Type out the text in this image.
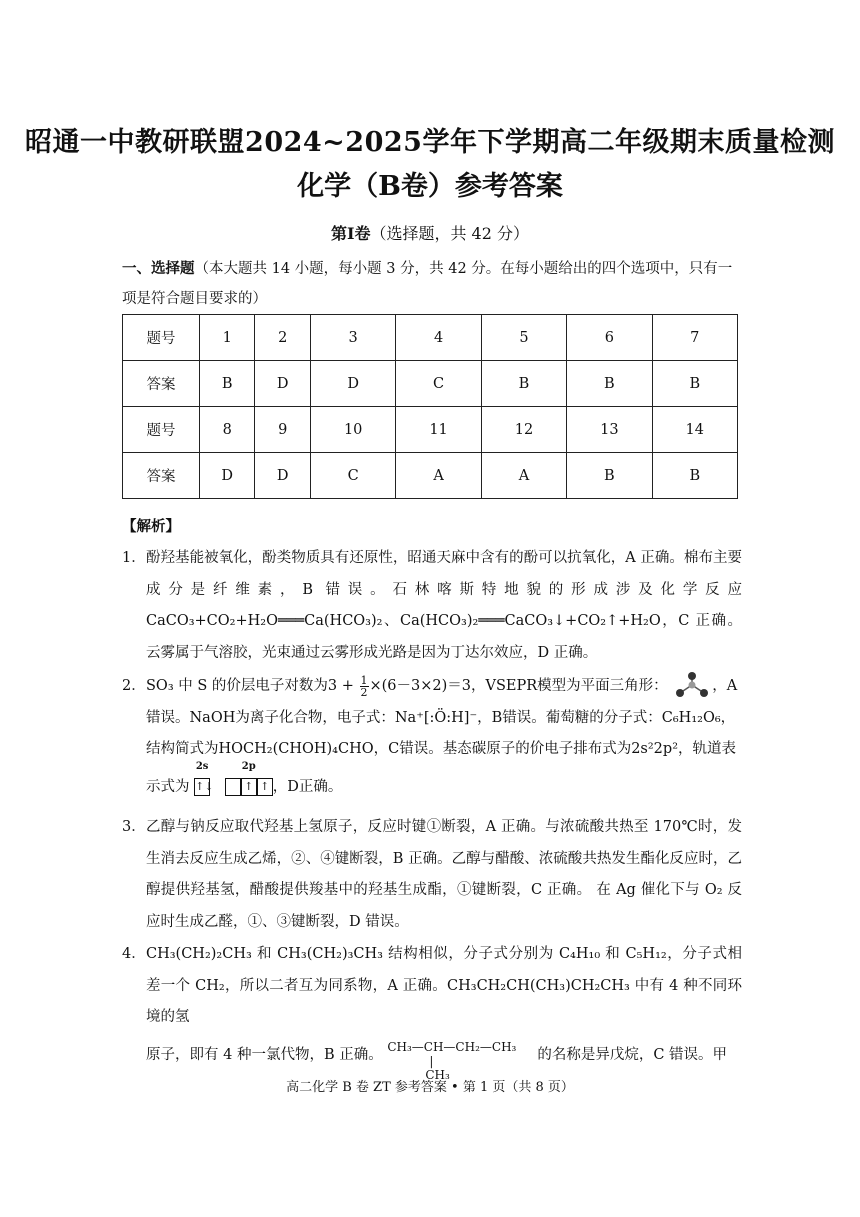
昭通一中教研联盟2024~2025学年下学期高二年级期末质量检测
化学（B卷）参考答案
第Ⅰ卷（选择题，共 42 分）
一、选择题（本大题共 14 小题，每小题 3 分，共 42 分。在每小题给出的四个选项中，只有一项是符合题目要求的）
题号	1	2	3	4	5	6	7
答案	B	D	D	C	B	B	B
题号	8	9	10	11	12	13	14
答案	D	D	C	A	A	B	B
【解析】
1． 酚羟基能被氧化，酚类物质具有还原性，昭通天麻中含有的酚可以抗氧化，A 正确。棉布主要成分是纤维素，B 错误。石林喀斯特地貌的形成涉及化学反应CaCO₃+CO₂+H₂O═══Ca(HCO₃)₂、Ca(HCO₃)₂═══CaCO₃↓+CO₂↑+H₂O，C 正确。云雾属于气溶胶，光束通过云雾形成光路是因为丁达尔效应，D 正确。
2． SO₃ 中 S 的价层电子对数为$3 + \frac{1}{2} \times(6-3\times 2)=3$，VSEPR模型为平面三角形：	，A
错误。NaOH为离子化合物，电子式：Na⁺[:Ö:H]⁻，B错误。葡萄糖的分子式：C₆H₁₂O₆，
结构简式为HOCH₂(CHOH)₄CHO，C错误。基态碳原子的价电子排布式为2s²2p²，轨道表
示式为
2s
↑↓
2p
↑ ↑ ，D正确。
3． 乙醇与钠反应取代羟基上氢原子，反应时键①断裂，A 正确。与浓硫酸共热至 170℃时，发生消去反应生成乙烯，②、④键断裂，B 正确。乙醇与醋酸、浓硫酸共热发生酯化反应时，乙醇提供羟基氢，醋酸提供羧基中的羟基生成酯，①键断裂，C 正确。 在 Ag 催化下与 O₂ 反应时生成乙醛，①、③键断裂，D 错误。
4． CH₃(CH₂)₂CH₃ 和 CH₃(CH₂)₃CH₃ 结构相似，分子式分别为 C₄H₁₀ 和 C₅H₁₂，分子式相差一个 CH₂，所以二者互为同系物，A 正确。CH₃CH₂CH(CH₃)CH₂CH₃ 中有 4 种不同环境的氢
原子，即有 4 种一氯代物，B 正确。 CH₃—CH—CH₂—CH₃
|
CH₃
的名称是异戊烷，C 错误。甲
高二化学 B 卷 ZT 参考答案 • 第 1 页（共 8 页）
